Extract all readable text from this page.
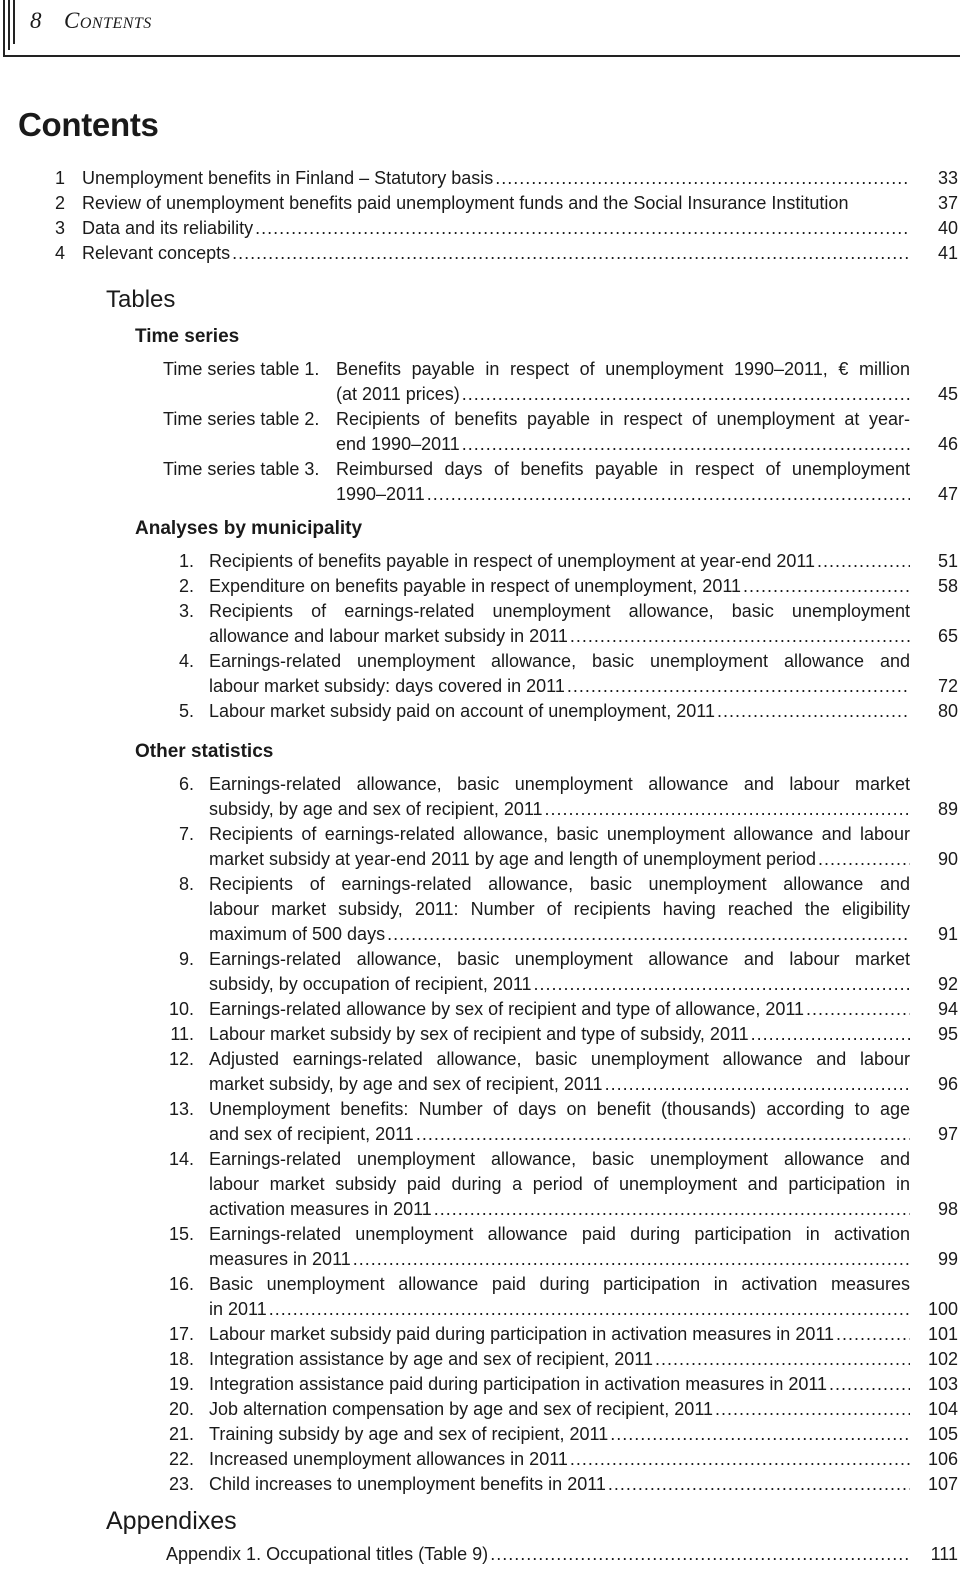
8 Contents
Contents
1 Unemployment benefits in Finland – Statutory basis .....	33
2 Review of unemployment benefits paid unemployment funds and the Social Insurance Institution	37
3 Data and its reliability .....	40
4 Relevant concepts .....	41
Tables
Time series
Time series table 1. Benefits payable in respect of unemployment 1990–2011, € million
(at 2011 prices) .....	45
Time series table 2. Recipients of benefits payable in respect of unemployment at year-
end 1990–2011 .....	46
Time series table 3. Reimbursed days of benefits payable in respect of unemployment
1990–2011 .....	47
Analyses by municipality
1. Recipients of benefits payable in respect of unemployment at year-end 2011 .....	51
2. Expenditure on benefits payable in respect of unemployment, 2011 .....	58
3. Recipients of earnings-related unemployment allowance, basic unemployment
allowance and labour market subsidy in 2011 .....	65
4. Earnings-related unemployment allowance, basic unemployment allowance and
labour market subsidy: days covered in 2011 .....	72
5. Labour market subsidy paid on account of unemployment, 2011 .....	80
Other statistics
6. Earnings-related allowance, basic unemployment allowance and labour market
subsidy, by age and sex of recipient, 2011 .....	89
7. Recipients of earnings-related allowance, basic unemployment allowance and labour
market subsidy at year-end 2011 by age and length of unemployment period .....	90
8. Recipients of earnings-related allowance, basic unemployment allowance and
labour market subsidy, 2011: Number of recipients having reached the eligibility
maximum of 500 days .....	91
9. Earnings-related allowance, basic unemployment allowance and labour market
subsidy, by occupation of recipient, 2011 .....	92
10. Earnings-related allowance by sex of recipient and type of allowance, 2011 .....	94
11. Labour market subsidy by sex of recipient and type of subsidy, 2011 .....	95
12. Adjusted earnings-related allowance, basic unemployment allowance and labour
market subsidy, by age and sex of recipient, 2011 .....	96
13. Unemployment benefits: Number of days on benefit (thousands) according to age
and sex of recipient, 2011 .....	97
14. Earnings-related unemployment allowance, basic unemployment allowance and
labour market subsidy paid during a period of unemployment and participation in
activation measures in 2011 .....	98
15. Earnings-related unemployment allowance paid during participation in activation
measures in 2011 .....	99
16. Basic unemployment allowance paid during participation in activation measures
in 2011 .....	100
17. Labour market subsidy paid during participation in activation measures in 2011 .....	101
18. Integration assistance by age and sex of recipient, 2011 .....	102
19. Integration assistance paid during participation in activation measures in 2011 .....	103
20. Job alternation compensation by age and sex of recipient, 2011 .....	104
21. Training subsidy by age and sex of recipient, 2011 .....	105
22. Increased unemployment allowances in 2011 .....	106
23. Child increases to unemployment benefits in 2011 .....	107
Appendixes
Appendix 1. Occupational titles (Table 9) .....	111
